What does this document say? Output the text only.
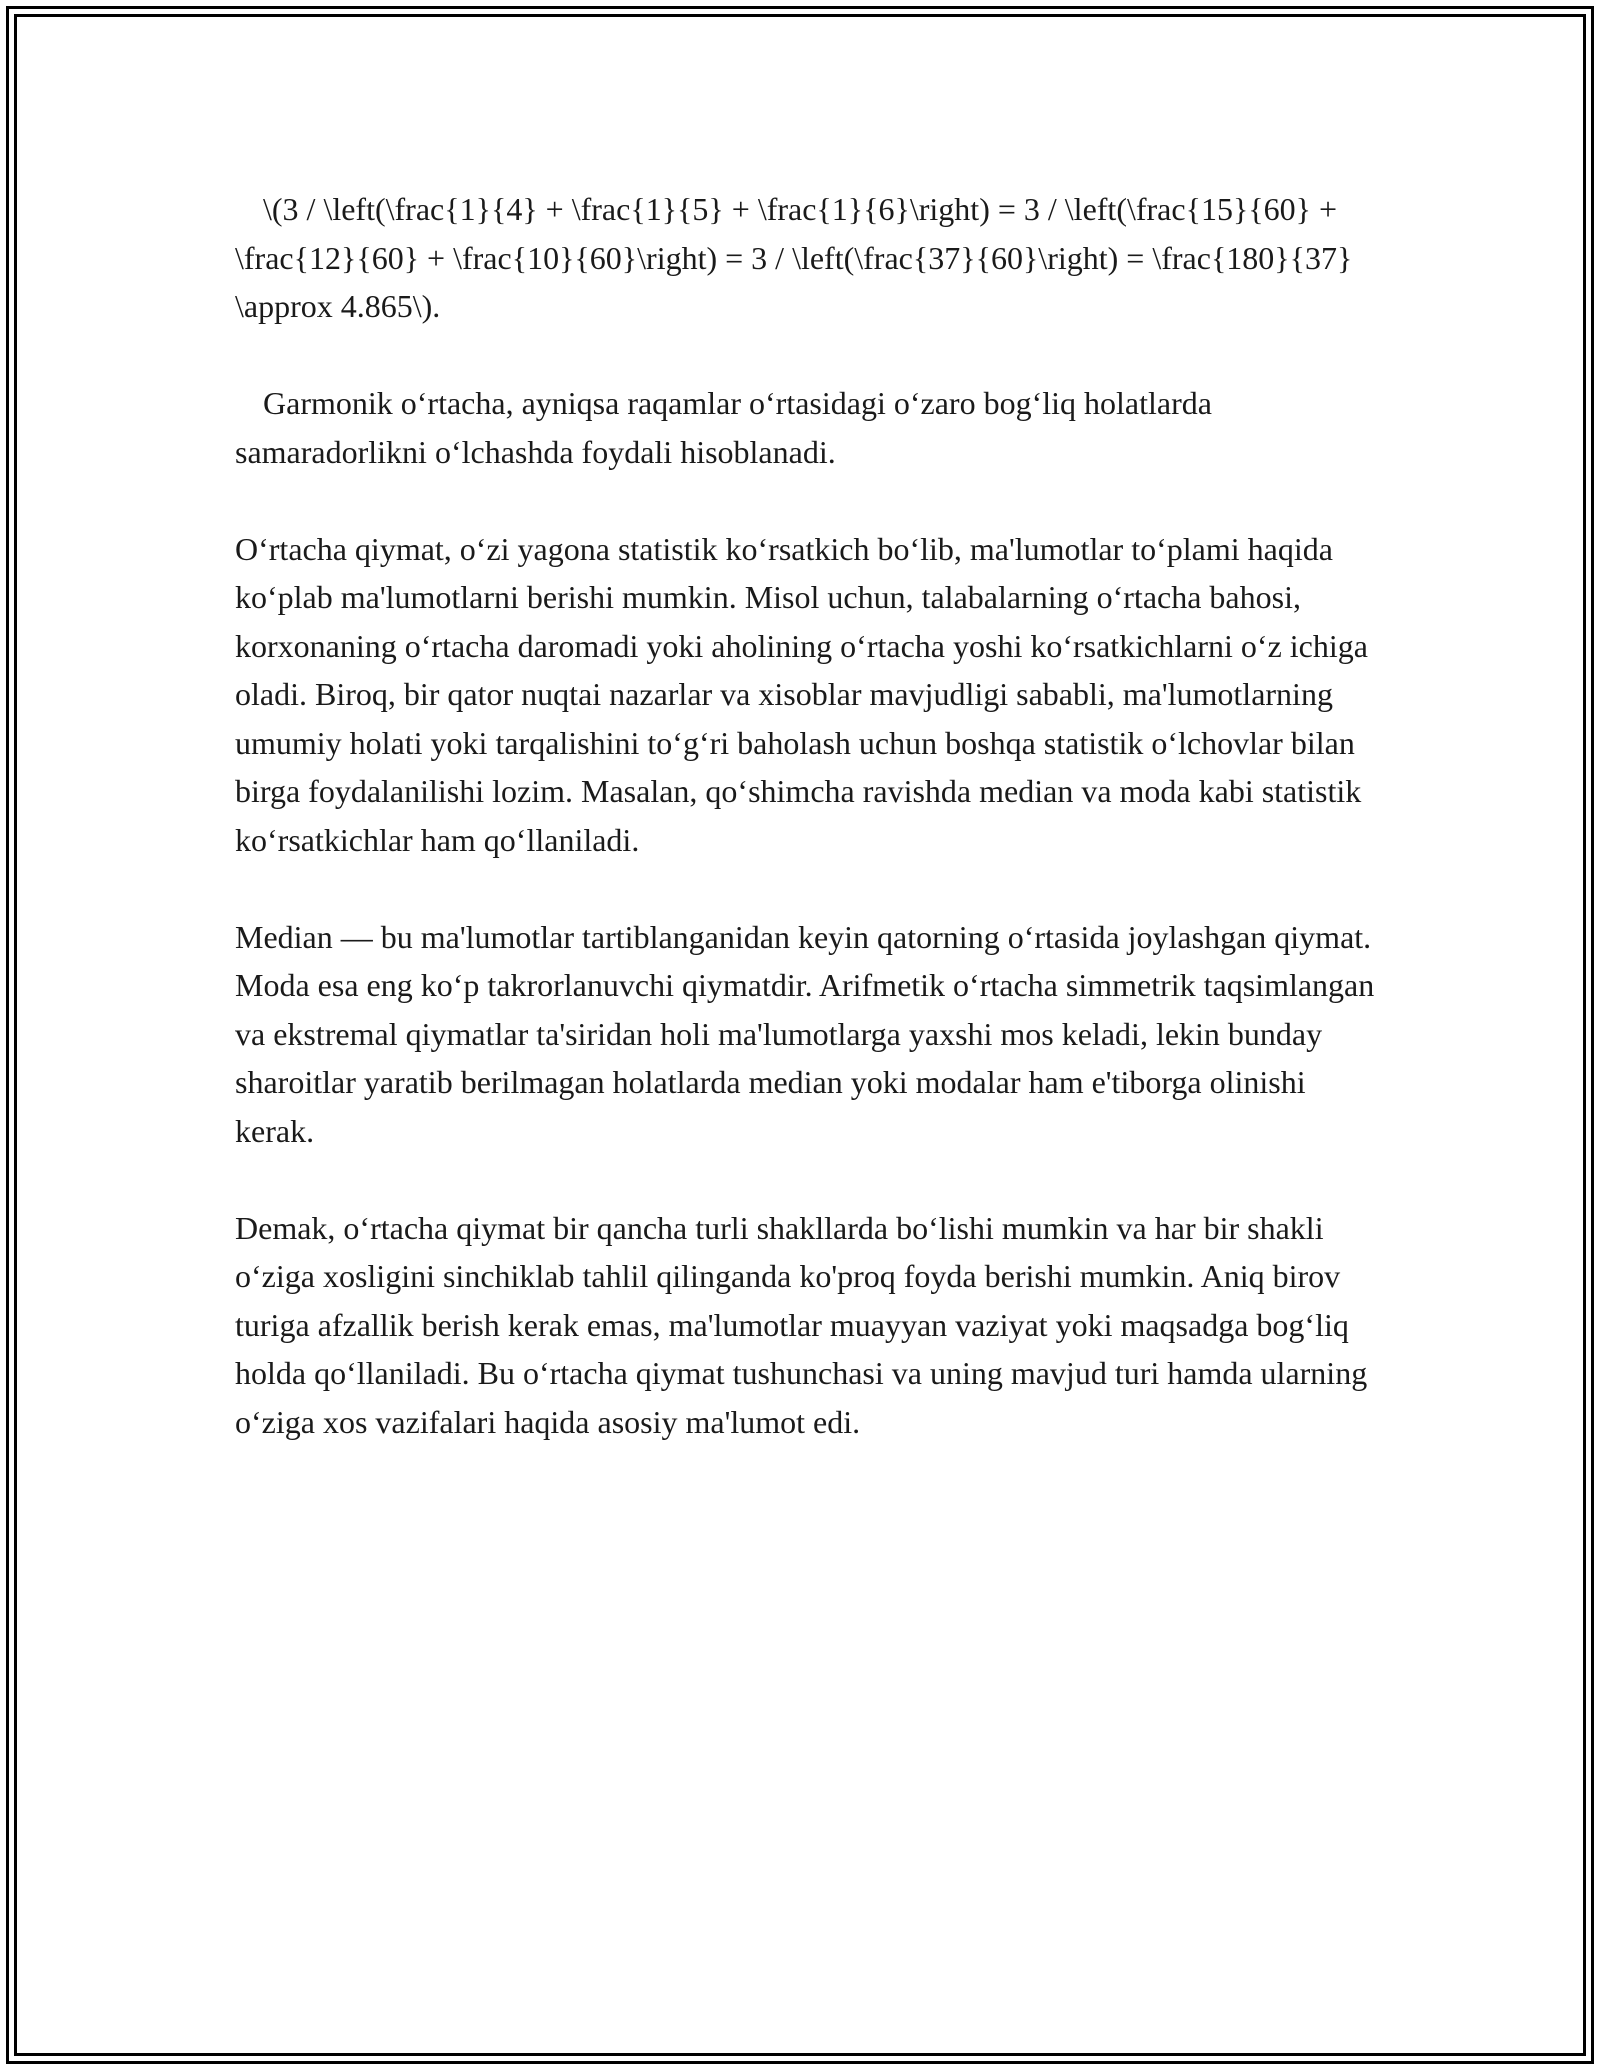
\(3 / \left(\frac{1}{4} + \frac{1}{5} + \frac{1}{6}\right) = 3 / \left(\frac{15}{60} + \frac{12}{60} + \frac{10}{60}\right) = 3 / \left(\frac{37}{60}\right) = \frac{180}{37} \approx 4.865\).

Garmonik o‘rtacha, ayniqsa raqamlar o‘rtasidagi o‘zaro bog‘liq holatlarda samaradorlikni o‘lchashda foydali hisoblanadi.

O‘rtacha qiymat, o‘zi yagona statistik ko‘rsatkich bo‘lib, ma'lumotlar to‘plami haqida ko‘plab ma'lumotlarni berishi mumkin. Misol uchun, talabalarning o‘rtacha bahosi, korxonaning o‘rtacha daromadi yoki aholining o‘rtacha yoshi ko‘rsatkichlarni o‘z ichiga oladi. Biroq, bir qator nuqtai nazarlar va xisoblar mavjudligi sababli, ma'lumotlarning umumiy holati yoki tarqalishini to‘g‘ri baholash uchun boshqa statistik o‘lchovlar bilan birga foydalanilishi lozim. Masalan, qo‘shimcha ravishda median va moda kabi statistik ko‘rsatkichlar ham qo‘llaniladi.

Median — bu ma'lumotlar tartiblanganidan keyin qatorning o‘rtasida joylashgan qiymat. Moda esa eng ko‘p takrorlanuvchi qiymatdir. Arifmetik o‘rtacha simmetrik taqsimlangan va ekstremal qiymatlar ta'siridan holi ma'lumotlarga yaxshi mos keladi, lekin bunday sharoitlar yaratib berilmagan holatlarda median yoki modalar ham e'tiborga olinishi kerak.

Demak, o‘rtacha qiymat bir qancha turli shakllarda bo‘lishi mumkin va har bir shakli o‘ziga xosligini sinchiklab tahlil qilinganda ko'proq foyda berishi mumkin. Aniq birov turiga afzallik berish kerak emas, ma'lumotlar muayyan vaziyat yoki maqsadga bog‘liq holda qo‘llaniladi. Bu o‘rtacha qiymat tushunchasi va uning mavjud turi hamda ularning o‘ziga xos vazifalari haqida asosiy ma'lumot edi.
